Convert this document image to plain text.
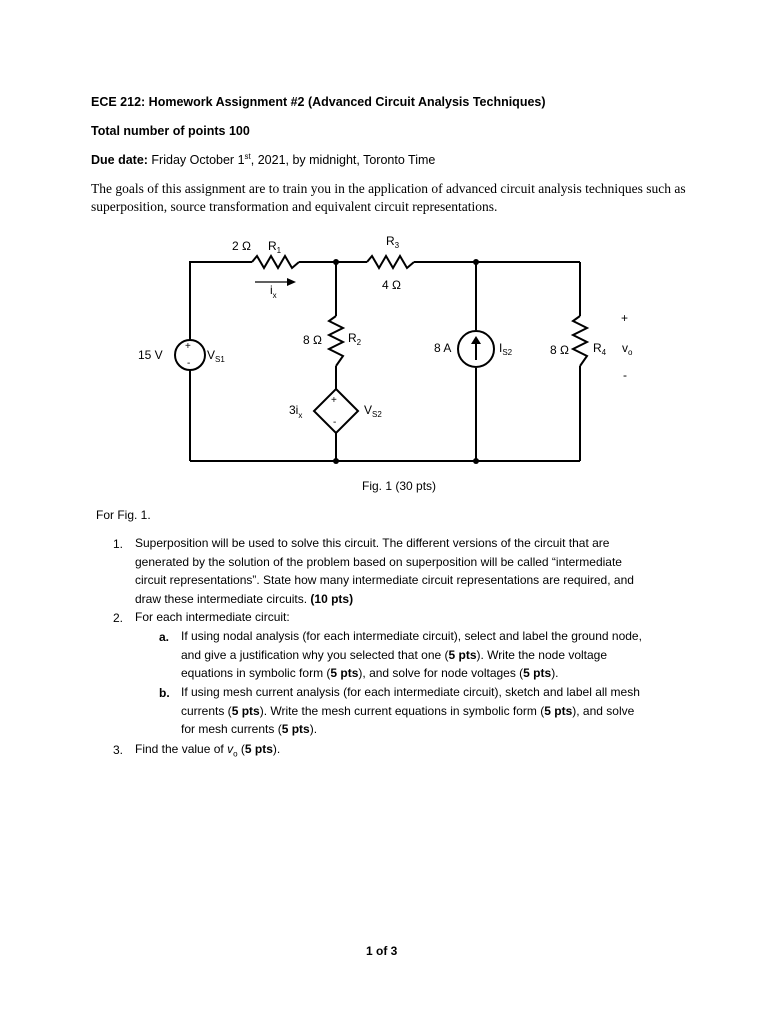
ECE 212: Homework Assignment #2 (Advanced Circuit Analysis Techniques)
Total number of points 100
Due date: Friday October 1st, 2021, by midnight, Toronto Time
The goals of this assignment are to train you in the application of advanced circuit analysis techniques such as superposition, source transformation and equivalent circuit representations.
2 Ω $R_1$
$R_3$
4 Ω
$i_x$
8 Ω $R_2$
15 V
+
-
$V_{S1}$
8 A	$I_{S2}$	8 Ω $R_4$
+
$v_o$
-
$3i_x$
+
-
$V_{S2}$
Fig. 1 (30 pts)
For Fig. 1.
1. Superposition will be used to solve this circuit. The different versions of the circuit that are
generated by the solution of the problem based on superposition will be called “intermediate
circuit representations”. State how many intermediate circuit representations are required, and
draw these intermediate circuits. (10 pts)
2. For each intermediate circuit:
a. If using nodal analysis (for each intermediate circuit), select and label the ground node,
and give a justification why you selected that one (5 pts). Write the node voltage
equations in symbolic form (5 pts), and solve for node voltages (5 pts).
b. If using mesh current analysis (for each intermediate circuit), sketch and label all mesh
currents (5 pts). Write the mesh current equations in symbolic form (5 pts), and solve
for mesh currents (5 pts).
3. Find the value of $v_o$ (5 pts).
1 of 3
